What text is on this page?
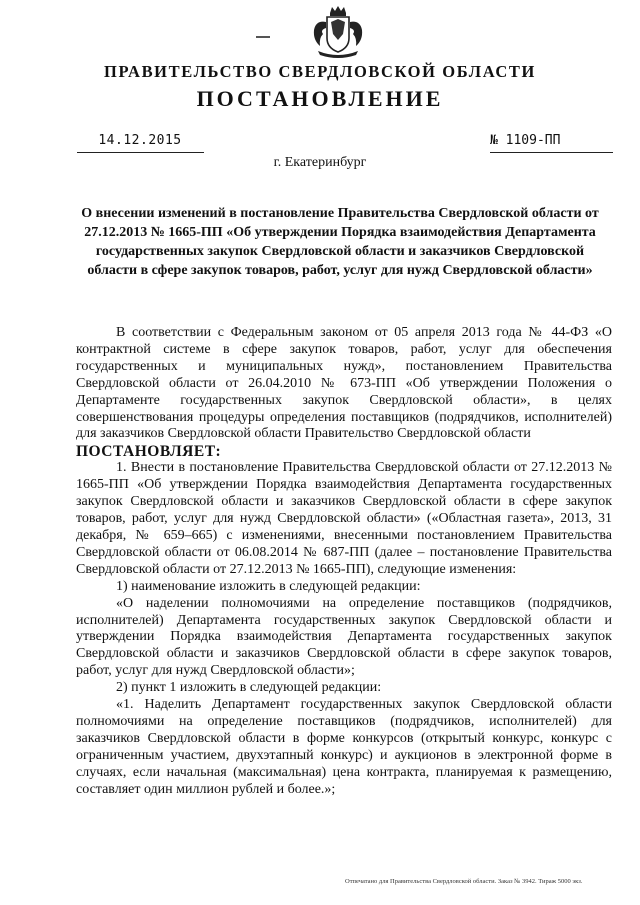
ПРАВИТЕЛЬСТВО СВЕРДЛОВСКОЙ ОБЛАСТИ
ПОСТАНОВЛЕНИЕ
14.12.2015	№ 1109-ПП
г. Екатеринбург
О внесении изменений в постановление Правительства Свердловской области от 27.12.2013 № 1665-ПП «Об утверждении Порядка взаимодействия Департамента государственных закупок Свердловской области и заказчиков Свердловской области в сфере закупок товаров, работ, услуг для нужд Свердловской области»

В соответствии с Федеральным законом от 05 апреля 2013 года № 44-ФЗ «О контрактной системе в сфере закупок товаров, работ, услуг для обеспечения государственных и муниципальных нужд», постановлением Правительства Свердловской области от 26.04.2010 № 673-ПП «Об утверждении Положения о Департаменте государственных закупок Свердловской области», в целях совершенствования процедуры определения поставщиков (подрядчиков, исполнителей) для заказчиков Свердловской области Правительство Свердловской области

ПОСТАНОВЛЯЕТ:

1. Внести в постановление Правительства Свердловской области от 27.12.2013 № 1665-ПП «Об утверждении Порядка взаимодействия Департамента государственных закупок Свердловской области и заказчиков Свердловской области в сфере закупок товаров, работ, услуг для нужд Свердловской области» («Областная газета», 2013, 31 декабря, № 659–665) с изменениями, внесенными постановлением Правительства Свердловской области от 06.08.2014 № 687-ПП (далее – постановление Правительства Свердловской области от 27.12.2013 № 1665-ПП), следующие изменения:

1) наименование изложить в следующей редакции:

«О наделении полномочиями на определение поставщиков (подрядчиков, исполнителей) Департамента государственных закупок Свердловской области и утверждении Порядка взаимодействия Департамента государственных закупок Свердловской области и заказчиков Свердловской области в сфере закупок товаров, работ, услуг для нужд Свердловской области»;

2) пункт 1 изложить в следующей редакции:

«1. Наделить Департамент государственных закупок Свердловской области полномочиями на определение поставщиков (подрядчиков, исполнителей) для заказчиков Свердловской области в форме конкурсов (открытый конкурс, конкурс с ограниченным участием, двухэтапный конкурс) и аукционов в электронной форме в случаях, если начальная (максимальная) цена контракта, планируемая к размещению, составляет один миллион рублей и более.»;

Отпечатано для Правительства Свердловской области. Заказ № 3942. Тираж 5000 экз.
